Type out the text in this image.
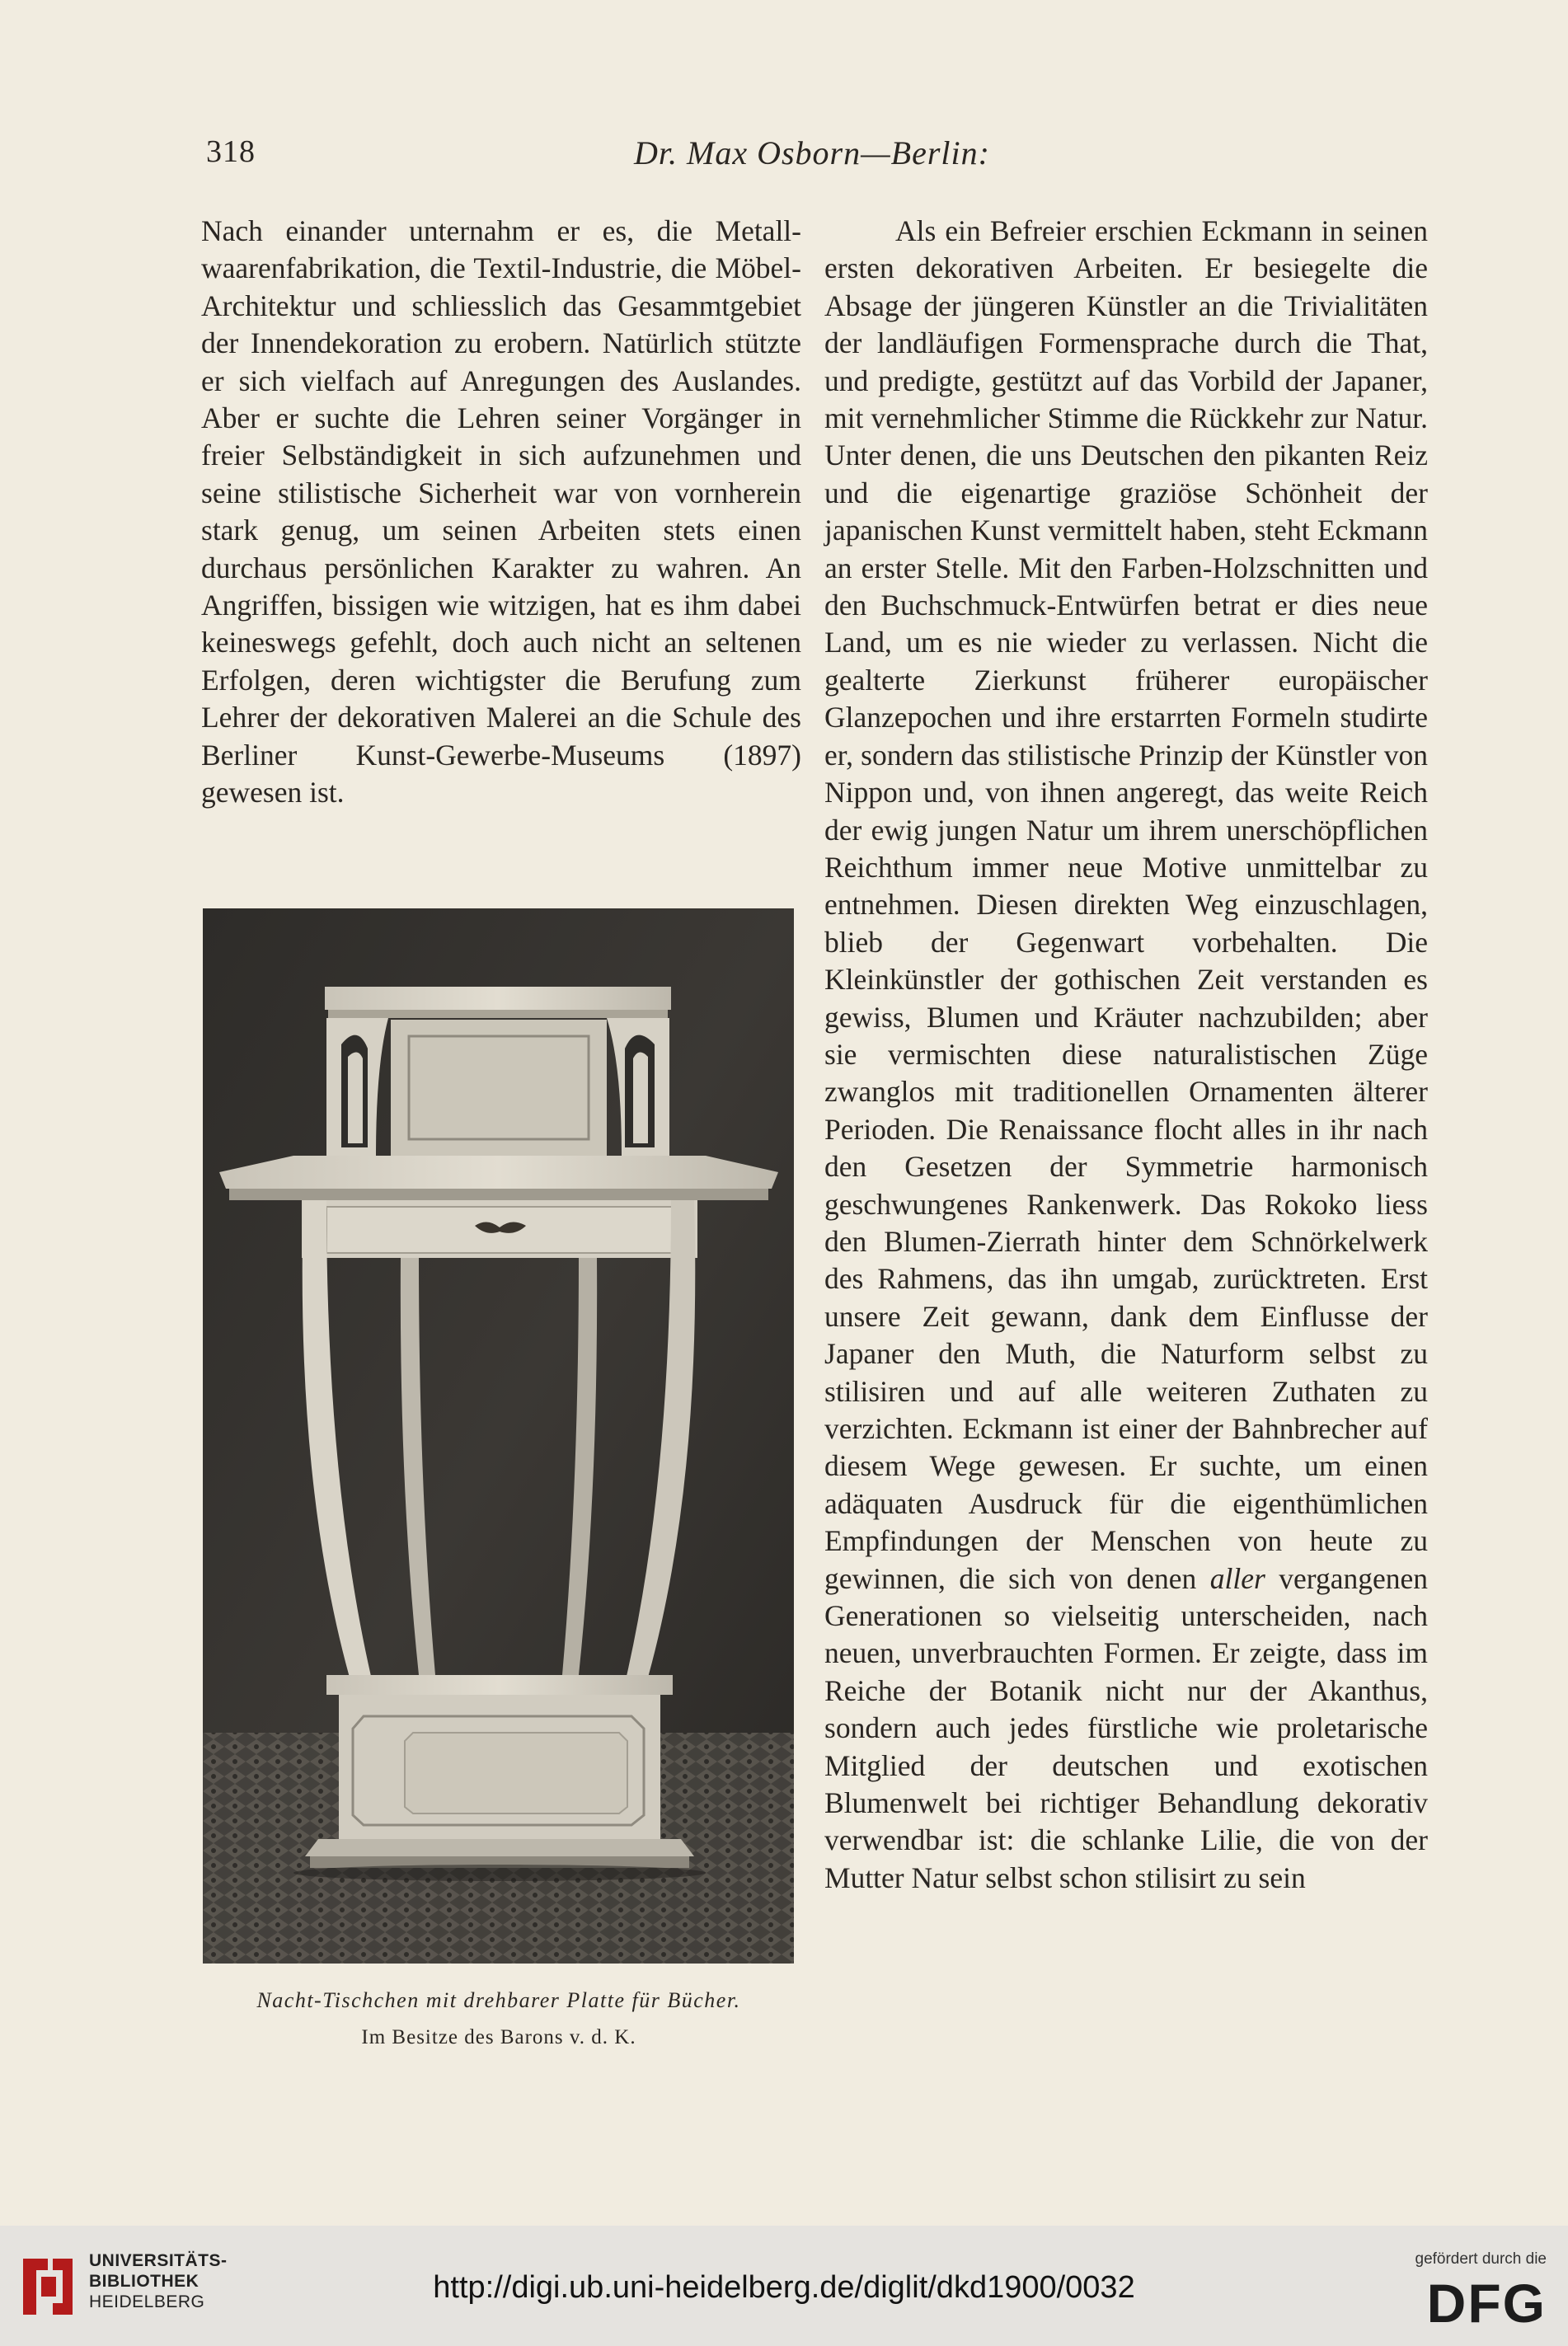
318	Dr. Max Osborn—Berlin:

Nach einander unternahm er es, die Metall-waarenfabrikation, die Textil-Industrie, die Möbel-Architektur und schliesslich das Gesammtgebiet der Innendekoration zu erobern. Natürlich stützte er sich vielfach auf Anregungen des Auslandes. Aber er suchte die Lehren seiner Vorgänger in freier Selbständigkeit in sich aufzunehmen und seine stilistische Sicherheit war von vornherein stark genug, um seinen Arbeiten stets einen durchaus persönlichen Karakter zu wahren. An Angriffen, bissigen wie witzigen, hat es ihm dabei keineswegs gefehlt, doch auch nicht an seltenen Erfolgen, deren wichtigster die Berufung zum Lehrer der dekorativen Malerei an die Schule des Berliner Kunst-Gewerbe-Museums (1897) gewesen ist.

Als ein Befreier erschien Eckmann in seinen ersten dekorativen Arbeiten. Er besiegelte die Absage der jüngeren Künstler an die Trivialitäten der landläufigen Formensprache durch die That, und predigte, gestützt auf das Vorbild der Japaner, mit vernehmlicher Stimme die Rückkehr zur Natur. Unter denen, die uns Deutschen den pikanten Reiz und die eigenartige graziöse Schönheit der japanischen Kunst vermittelt haben, steht Eckmann an erster Stelle. Mit den Farben-Holzschnitten und den Buchschmuck-Entwürfen betrat er dies neue Land, um es nie wieder zu verlassen. Nicht die gealterte Zierkunst früherer europäischer Glanzepochen und ihre erstarrten Formeln studirte er, sondern das stilistische Prinzip der Künstler von Nippon und, von ihnen angeregt, das weite Reich der ewig jungen Natur um ihrem unerschöpflichen Reichthum immer neue Motive unmittelbar zu entnehmen. Diesen direkten Weg einzuschlagen, blieb der Gegenwart vorbehalten. Die Kleinkünstler der gothischen Zeit verstanden es gewiss, Blumen und Kräuter nachzubilden; aber sie vermischten diese naturalistischen Züge zwanglos mit traditionellen Ornamenten älterer Perioden. Die Renaissance flocht alles in ihr nach den Gesetzen der Symmetrie harmonisch geschwungenes Rankenwerk. Das Rokoko liess den Blumen-Zierrath hinter dem Schnörkelwerk des Rahmens, das ihn umgab, zurücktreten. Erst unsere Zeit gewann, dank dem Einflusse der Japaner den Muth, die Naturform selbst zu stilisiren und auf alle weiteren Zuthaten zu verzichten. Eckmann ist einer der Bahnbrecher auf diesem Wege gewesen. Er suchte, um einen adäquaten Ausdruck für die eigenthümlichen Empfindungen der Menschen von heute zu gewinnen, die sich von denen aller vergangenen Generationen so vielseitig unterscheiden, nach neuen, unverbrauchten Formen. Er zeigte, dass im Reiche der Botanik nicht nur der Akanthus, sondern auch jedes fürstliche wie proletarische Mitglied der deutschen und exotischen Blumenwelt bei richtiger Behandlung dekorativ verwendbar ist: die schlanke Lilie, die von der Mutter Natur selbst schon stilisirt zu sein

Nacht-Tischchen mit drehbarer Platte für Bücher.
Im Besitze des Barons v. d. K.
UNIVERSITÄTS-
BIBLIOTHEK
HEIDELBERG	http://digi.ub.uni-heidelberg.de/diglit/dkd1900/0032
gefördert durch die
DFG
